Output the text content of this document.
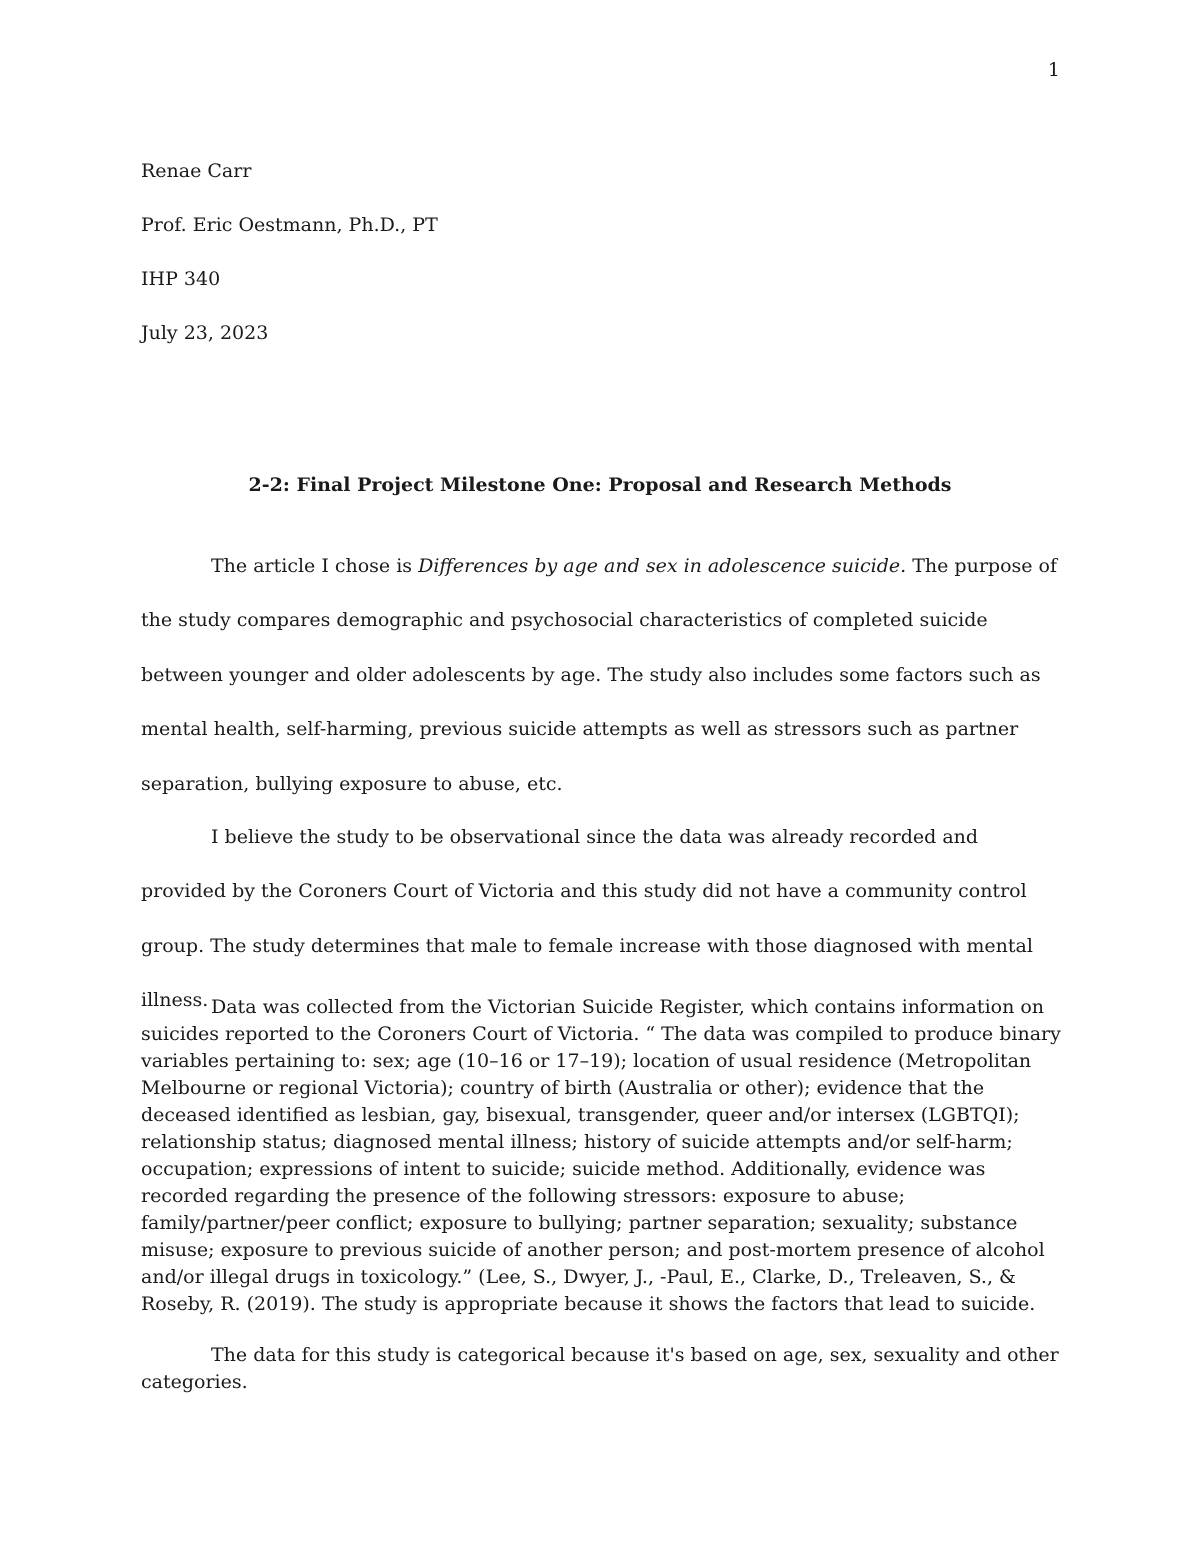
1
Renae Carr
Prof. Eric Oestmann, Ph.D., PT
IHP 340
July 23, 2023
2-2: Final Project Milestone One: Proposal and Research Methods

The article I chose is Differences by age and sex in adolescence suicide. The purpose of the study compares demographic and psychosocial characteristics of completed suicide between younger and older adolescents by age. The study also includes some factors such as mental health, self-harming, previous suicide attempts as well as stressors such as partner separation, bullying exposure to abuse, etc.

I believe the study to be observational since the data was already recorded and provided by the Coroners Court of Victoria and this study did not have a community control group. The study determines that male to female increase with those diagnosed with mental illness. Data was collected from the Victorian Suicide Register, which contains information on suicides reported to the Coroners Court of Victoria. “ The data was compiled to produce binary variables pertaining to: sex; age (10–16 or 17–19); location of usual residence (Metropolitan Melbourne or regional Victoria); country of birth (Australia or other); evidence that the deceased identified as lesbian, gay, bisexual, transgender, queer and/or intersex (LGBTQI); relationship status; diagnosed mental illness; history of suicide attempts and/or self-harm; occupation; expressions of intent to suicide; suicide method. Additionally, evidence was recorded regarding the presence of the following stressors: exposure to abuse; family/partner/peer conflict; exposure to bullying; partner separation; sexuality; substance misuse; exposure to previous suicide of another person; and post-mortem presence of alcohol and/or illegal drugs in toxicology.” (Lee, S., Dwyer, J., -Paul, E., Clarke, D., Treleaven, S., & Roseby, R. (2019). The study is appropriate because it shows the factors that lead to suicide.

The data for this study is categorical because it's based on age, sex, sexuality and other categories.
